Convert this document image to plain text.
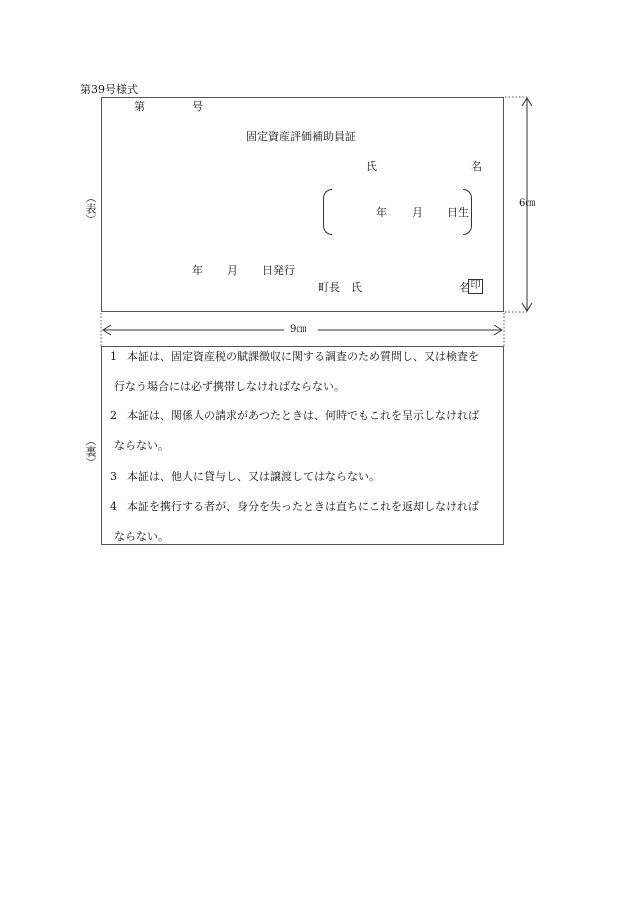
第39号様式
第	号
固定資産評価補助員証
氏	名
年 月 日生
年 月 日発行
町長　氏	名 印
（表）	6㎝
9㎝
（裏）
1 本証は、固定資産税の賦課徴収に関する調査のため質問し、又は検査を
行なう場合には必ず携帯しなければならない。
2 本証は、関係人の請求があつたときは、何時でもこれを呈示しなければ
ならない。
3 本証は、他人に貸与し、又は譲渡してはならない。
4 本証を携行する者が、身分を失ったときは直ちにこれを返却しなければ
ならない。
